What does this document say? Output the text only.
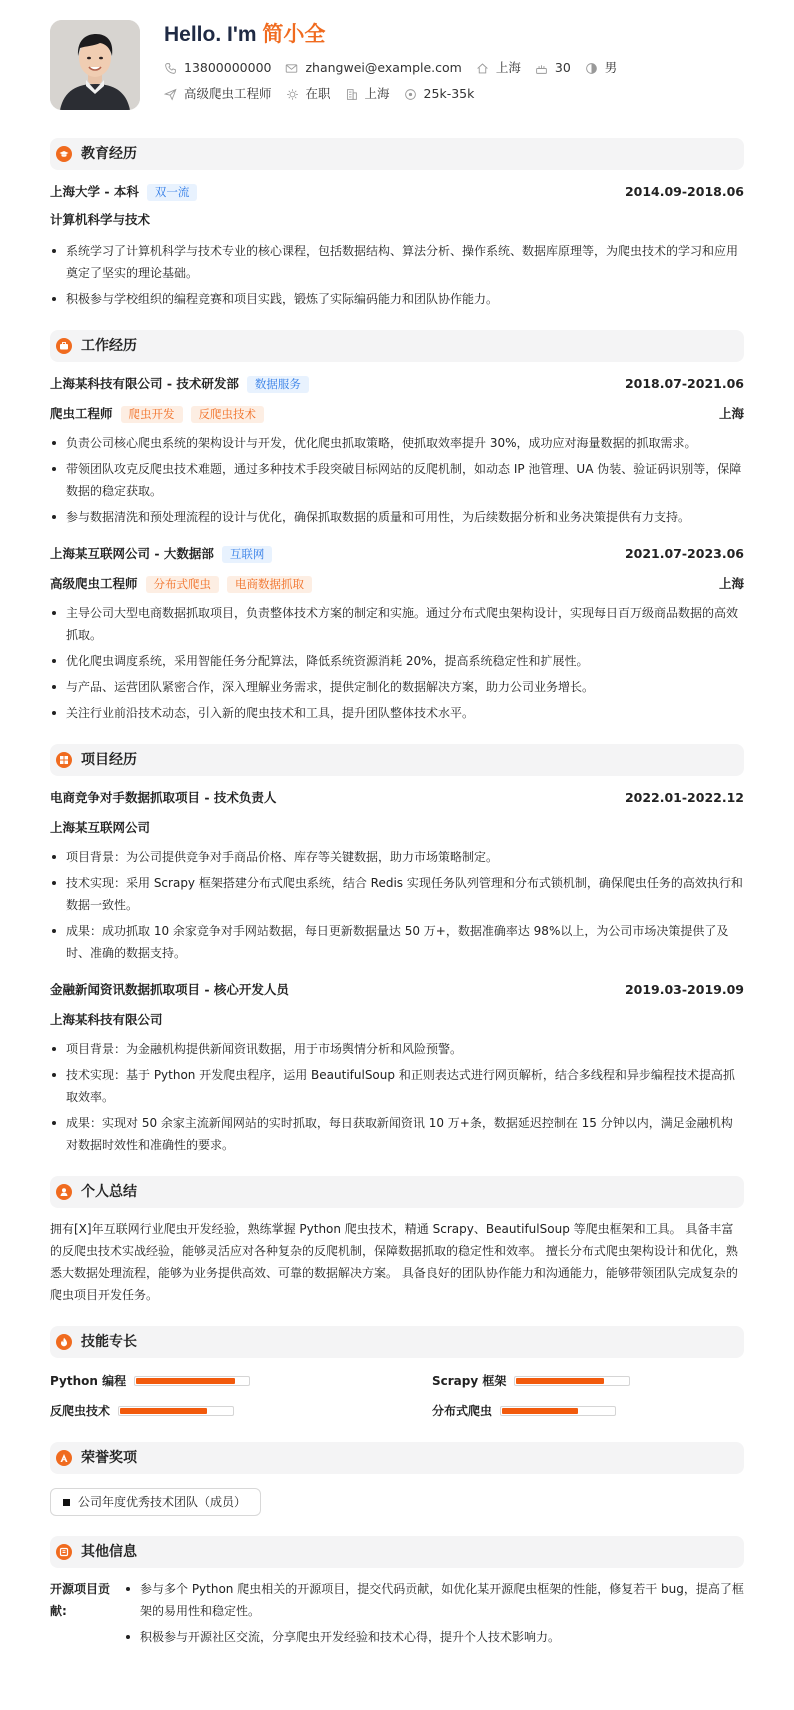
Hello. I'm 简小全
13800000000	zhangwei@example.com	上海	30	男
高级爬虫工程师	在职	上海	25k-35k
教育经历
上海大学 - 本科 双一流	2014.09-2018.06
计算机科学与技术
系统学习了计算机科学与技术专业的核心课程，包括数据结构、算法分析、操作系统、数据库原理等，为爬虫技术的学习和应用奠定了坚实的理论基础。
积极参与学校组织的编程竞赛和项目实践，锻炼了实际编码能力和团队协作能力。
工作经历
上海某科技有限公司 - 技术研发部 数据服务	2018.07-2021.06
爬虫工程师 爬虫开发 反爬虫技术	上海
负责公司核心爬虫系统的架构设计与开发，优化爬虫抓取策略，使抓取效率提升 30%，成功应对海量数据的抓取需求。
带领团队攻克反爬虫技术难题，通过多种技术手段突破目标网站的反爬机制，如动态 IP 池管理、UA 伪装、验证码识别等，保障数据的稳定获取。
参与数据清洗和预处理流程的设计与优化，确保抓取数据的质量和可用性，为后续数据分析和业务决策提供有力支持。
上海某互联网公司 - 大数据部 互联网	2021.07-2023.06
高级爬虫工程师 分布式爬虫 电商数据抓取	上海
主导公司大型电商数据抓取项目，负责整体技术方案的制定和实施。通过分布式爬虫架构设计，实现每日百万级商品数据的高效抓取。
优化爬虫调度系统，采用智能任务分配算法，降低系统资源消耗 20%，提高系统稳定性和扩展性。
与产品、运营团队紧密合作，深入理解业务需求，提供定制化的数据解决方案，助力公司业务增长。
关注行业前沿技术动态，引入新的爬虫技术和工具，提升团队整体技术水平。
项目经历
电商竞争对手数据抓取项目 - 技术负责人	2022.01-2022.12
上海某互联网公司
项目背景：为公司提供竞争对手商品价格、库存等关键数据，助力市场策略制定。
技术实现：采用 Scrapy 框架搭建分布式爬虫系统，结合 Redis 实现任务队列管理和分布式锁机制，确保爬虫任务的高效执行和数据一致性。
成果：成功抓取 10 余家竞争对手网站数据，每日更新数据量达 50 万+，数据准确率达 98%以上，为公司市场决策提供了及时、准确的数据支持。
金融新闻资讯数据抓取项目 - 核心开发人员	2019.03-2019.09
上海某科技有限公司
项目背景：为金融机构提供新闻资讯数据，用于市场舆情分析和风险预警。
技术实现：基于 Python 开发爬虫程序，运用 BeautifulSoup 和正则表达式进行网页解析，结合多线程和异步编程技术提高抓取效率。
成果：实现对 50 余家主流新闻网站的实时抓取，每日获取新闻资讯 10 万+条，数据延迟控制在 15 分钟以内，满足金融机构对数据时效性和准确性的要求。
个人总结

拥有[X]年互联网行业爬虫开发经验，熟练掌握 Python 爬虫技术，精通 Scrapy、BeautifulSoup 等爬虫框架和工具。 具备丰富的反爬虫技术实战经验，能够灵活应对各种复杂的反爬机制，保障数据抓取的稳定性和效率。 擅长分布式爬虫架构设计和优化，熟悉大数据处理流程，能够为业务提供高效、可靠的数据解决方案。 具备良好的团队协作能力和沟通能力，能够带领团队完成复杂的爬虫项目开发任务。

技能专长
Python 编程	Scrapy 框架
反爬虫技术	分布式爬虫
荣誉奖项
公司年度优秀技术团队（成员）
其他信息
开源项目贡献:
参与多个 Python 爬虫相关的开源项目，提交代码贡献，如优化某开源爬虫框架的性能，修复若干 bug，提高了框架的易用性和稳定性。
积极参与开源社区交流，分享爬虫开发经验和技术心得，提升个人技术影响力。
